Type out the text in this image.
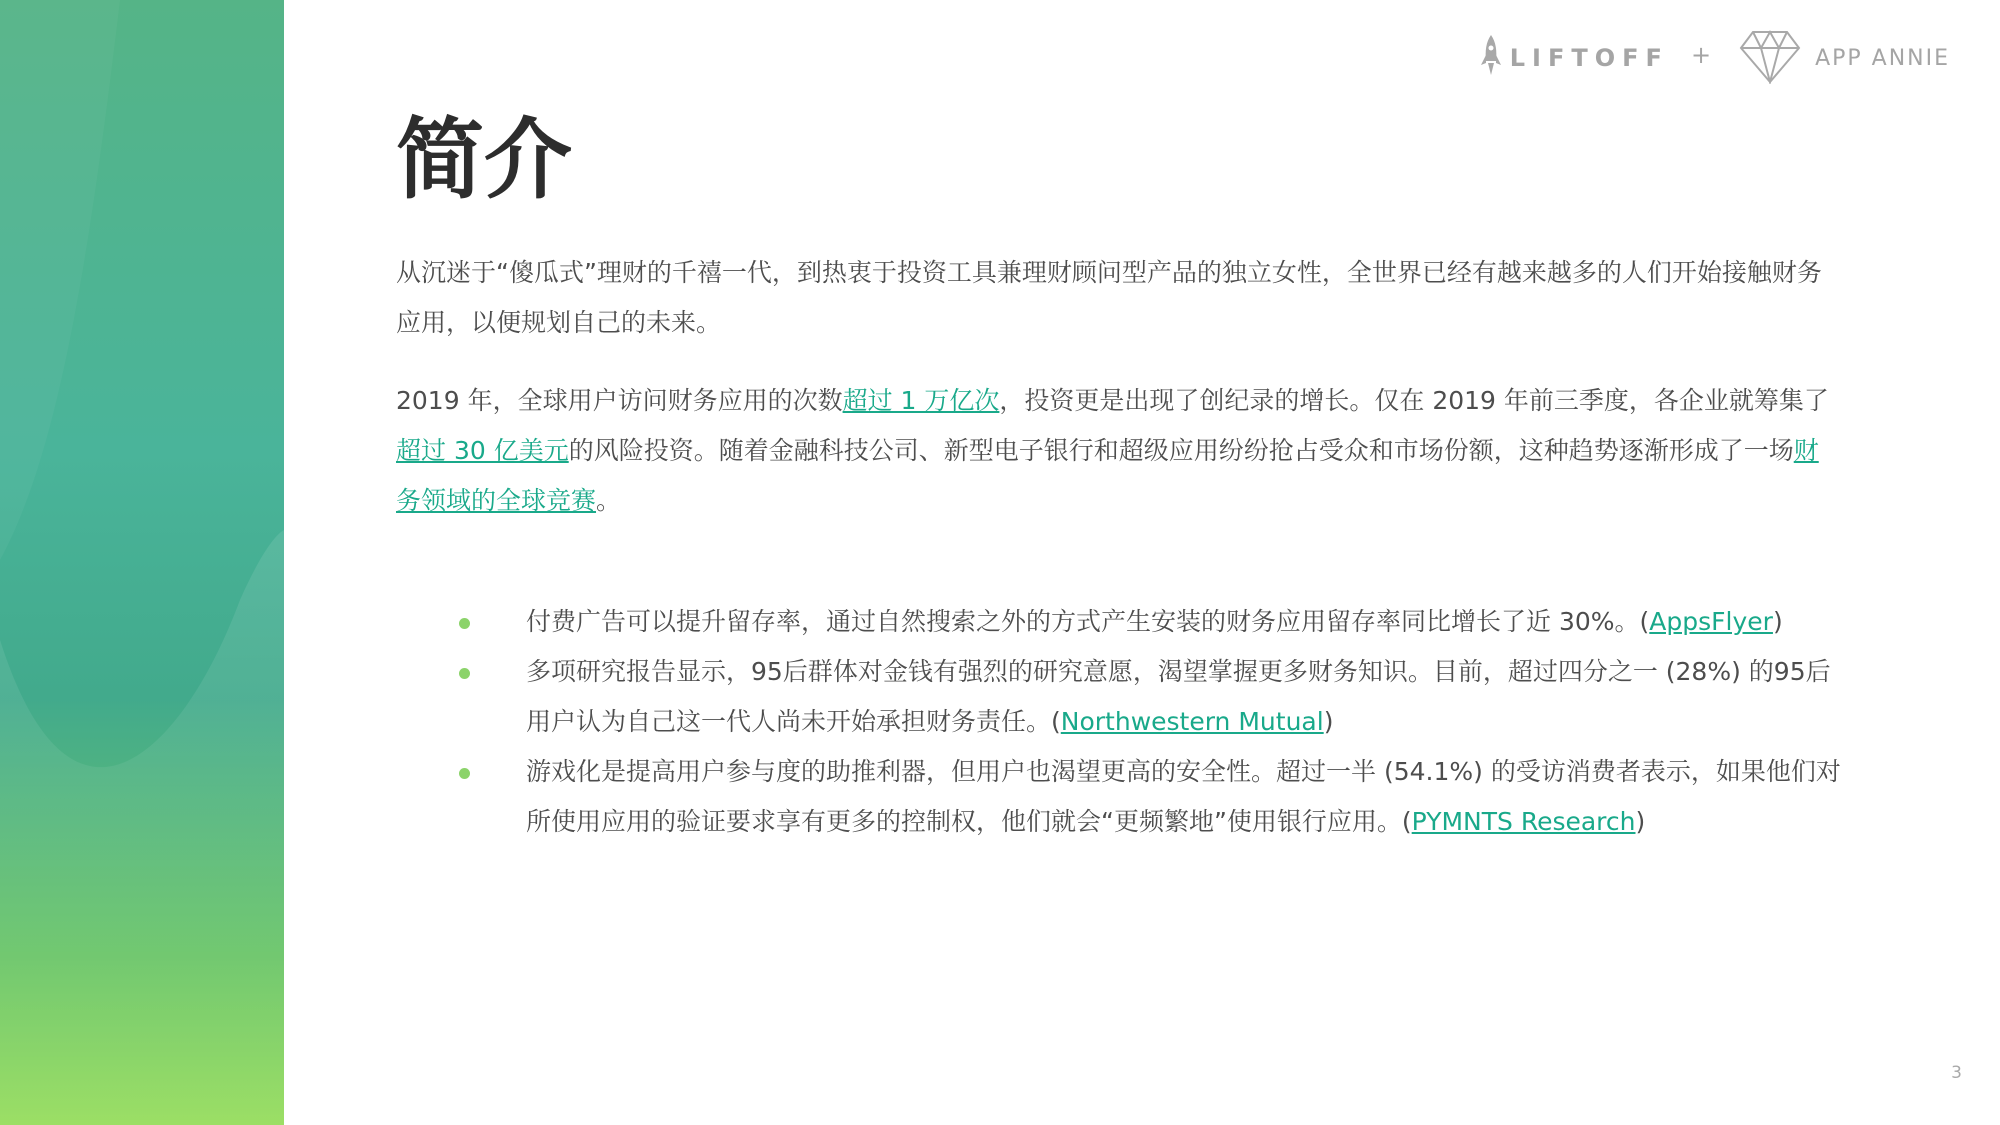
LIFTOFF +	APP ANNIE
简介
从沉迷于“傻瓜式”理财的千禧一代，到热衷于投资工具兼理财顾问型产品的独立女性，全世界已经有越来越多的人们开始接触财务应用，以便规划自己的未来。
2019 年，全球用户访问财务应用的次数超过 1 万亿次，投资更是出现了创纪录的增长。仅在 2019 年前三季度，各企业就筹集了超过 30 亿美元的风险投资。随着金融科技公司、新型电子银行和超级应用纷纷抢占受众和市场份额，这种趋势逐渐形成了一场财务领域的全球竞赛。
付费广告可以提升留存率，通过自然搜索之外的方式产生安装的财务应用留存率同比增长了近 30%。(AppsFlyer)
多项研究报告显示，95后群体对金钱有强烈的研究意愿，渴望掌握更多财务知识。目前，超过四分之一 (28%) 的95后用户认为自己这一代人尚未开始承担财务责任。(Northwestern Mutual)
游戏化是提高用户参与度的助推利器，但用户也渴望更高的安全性。超过一半 (54.1%) 的受访消费者表示，如果他们对所使用应用的验证要求享有更多的控制权，他们就会“更频繁地”使用银行应用。(PYMNTS Research)
3
